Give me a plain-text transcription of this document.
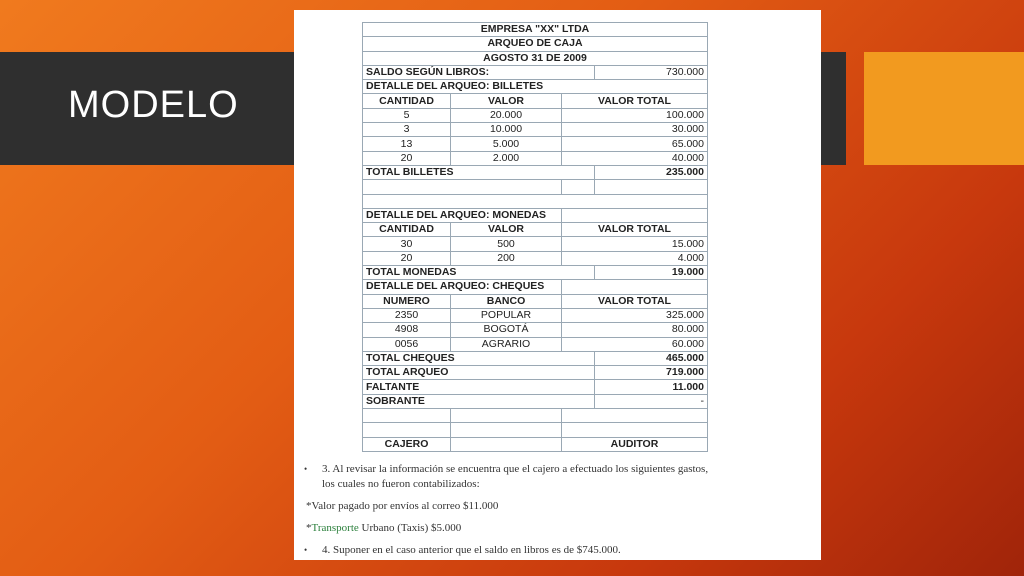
MODELO
EMPRESA "XX" LTDA			
ARQUEO DE CAJA			
AGOSTO 31 DE 2009			
SALDO SEGÚN LIBROS:			730.000
DETALLE DEL ARQUEO: BILLETES			
CANTIDAD	VALOR	VALOR TOTAL	
5	20.000	100.000	
3	10.000	30.000	
13	5.000	65.000	
20	2.000	40.000	
TOTAL BILLETES			235.000

DETALLE DEL ARQUEO: MONEDAS			
CANTIDAD	VALOR	VALOR TOTAL	
30	500	15.000	
20	200	4.000	
TOTAL MONEDAS			19.000
DETALLE DEL ARQUEO: CHEQUES			
NUMERO	BANCO	VALOR TOTAL	
2350	POPULAR	325.000	
4908	BOGOTÁ	80.000	
0056	AGRARIO	60.000	
TOTAL CHEQUES			465.000
TOTAL ARQUEO			719.000
FALTANTE			11.000
SOBRANTE			-

CAJERO		AUDITOR	
• 3. Al revisar la información se encuentra que el cajero a efectuado los siguientes gastos,
los cuales no fueron contabilizados:
*Valor pagado por envíos al correo $11.000
*Transporte Urbano (Taxis) $5.000
• 4. Suponer en el caso anterior que el saldo en libros es de $745.000.
